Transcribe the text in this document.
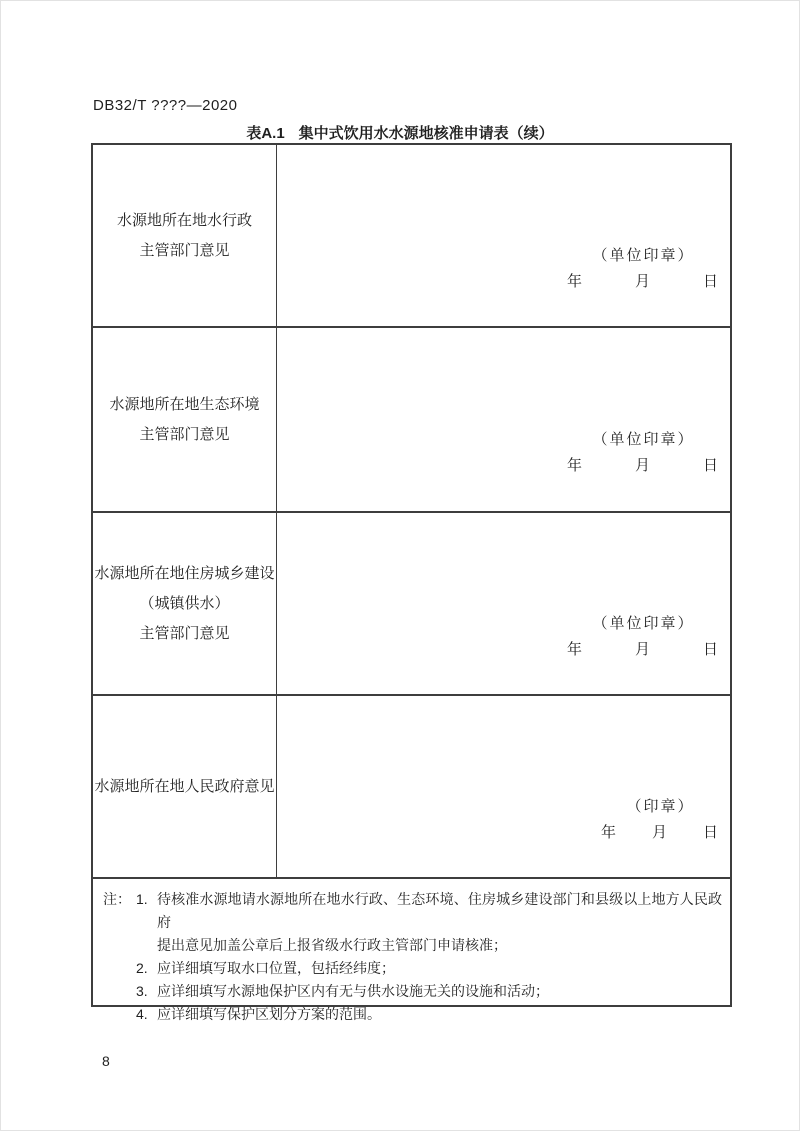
DB32/T ????—2020
表A.1 集中式饮用水水源地核准申请表（续）
水源地所在地水行政
主管部门意见	（单位印章）
年　　　月　　　日
水源地所在地生态环境
主管部门意见	（单位印章）
年　　　月　　　日
水源地所在地住房城乡建设
（城镇供水）
主管部门意见
（单位印章）
年　　　月　　　日
水源地所在地人民政府意见
（印章）
年　　月　　日
注： 1. 待核准水源地请水源地所在地水行政、生态环境、住房城乡建设部门和县级以上地方人民政府
提出意见加盖公章后上报省级水行政主管部门申请核准；
2. 应详细填写取水口位置，包括经纬度；
3. 应详细填写水源地保护区内有无与供水设施无关的设施和活动；
4. 应详细填写保护区划分方案的范围。
8
